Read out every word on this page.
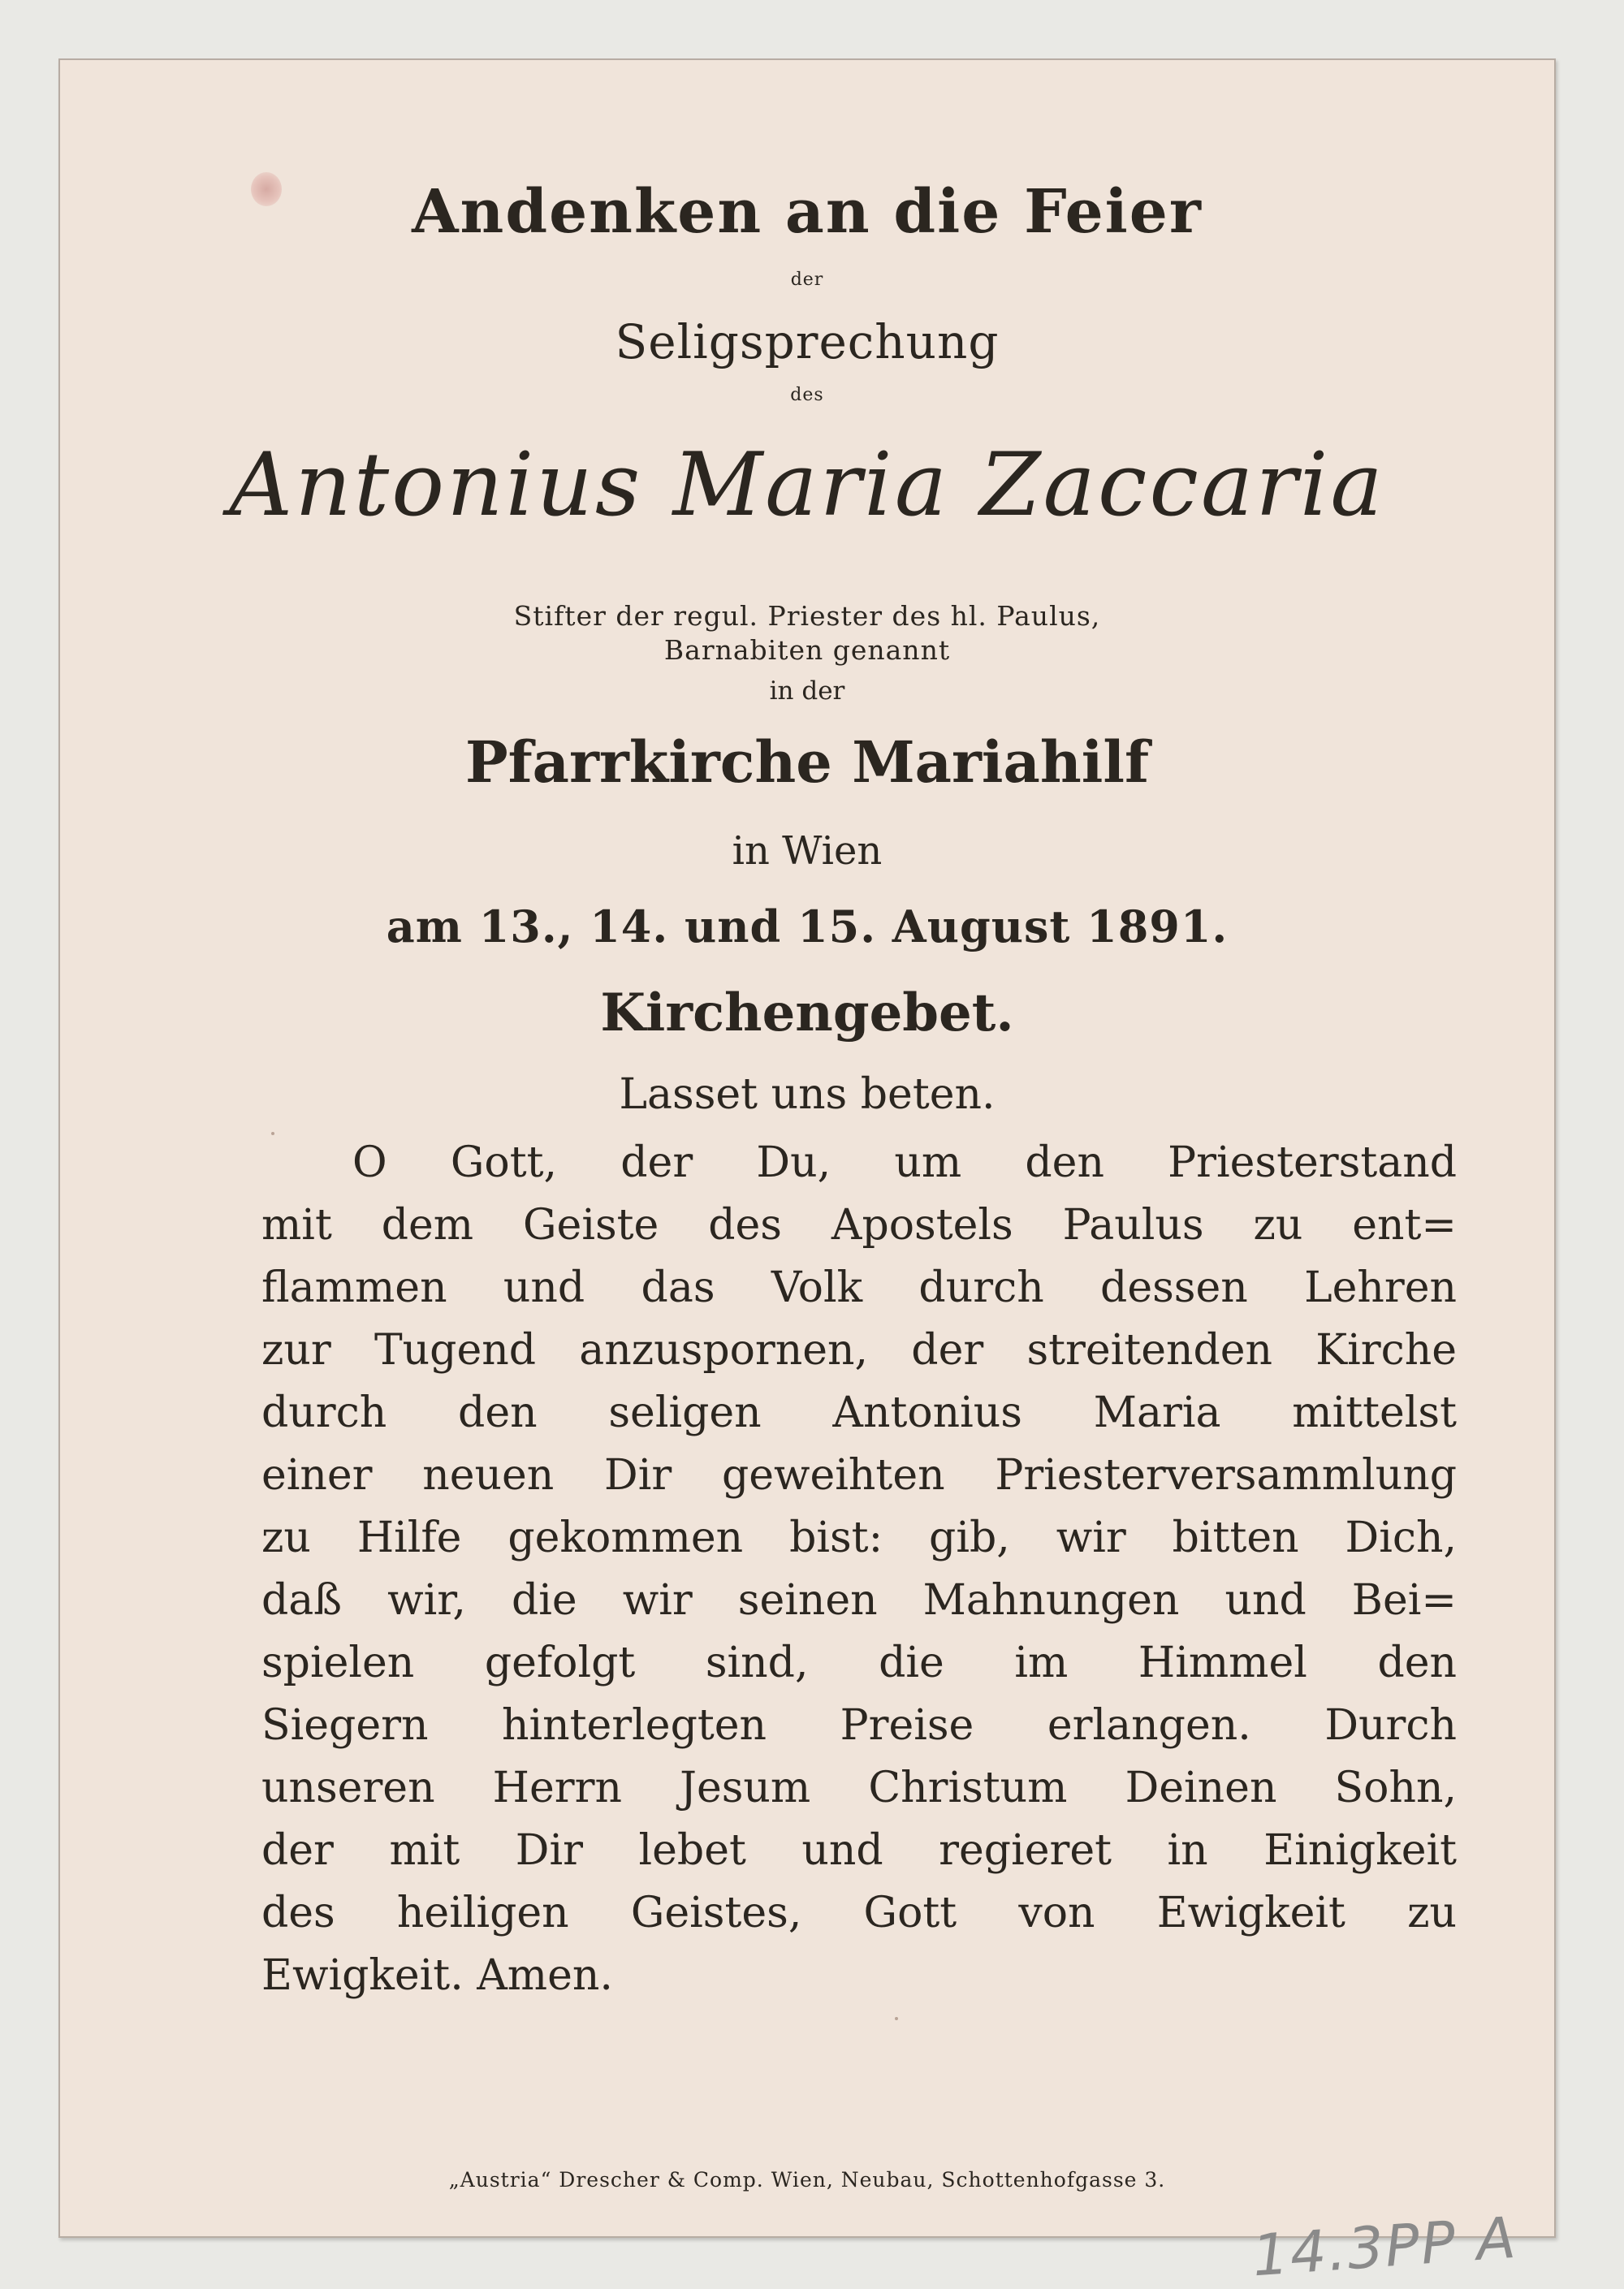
Andenken an die Feier
der
Seligsprechung
des
Antonius Maria Zaccaria
Stifter der regul. Priester des hl. Paulus,
Barnabiten genannt
in der
Pfarrkirche Mariahilf
in Wien
am 13., 14. und 15. August 1891.
Kirchengebet.
Lasset uns beten.
O Gott, der Du, um den Priesterstand
mit dem Geiste des Apostels Paulus zu ent=
flammen und das Volk durch dessen Lehren
zur Tugend anzuspornen, der streitenden Kirche
durch den seligen Antonius Maria mittelst
einer neuen Dir geweihten Priesterversammlung
zu Hilfe gekommen bist: gib, wir bitten Dich,
daß wir, die wir seinen Mahnungen und Bei=
spielen gefolgt sind, die im Himmel den
Siegern hinterlegten Preise erlangen. Durch
unseren Herrn Jesum Christum Deinen Sohn,
der mit Dir lebet und regieret in Einigkeit
des heiligen Geistes, Gott von Ewigkeit zu
Ewigkeit. Amen.
„Austria“ Drescher & Comp. Wien, Neubau, Schottenhofgasse 3.
14.3PP A
